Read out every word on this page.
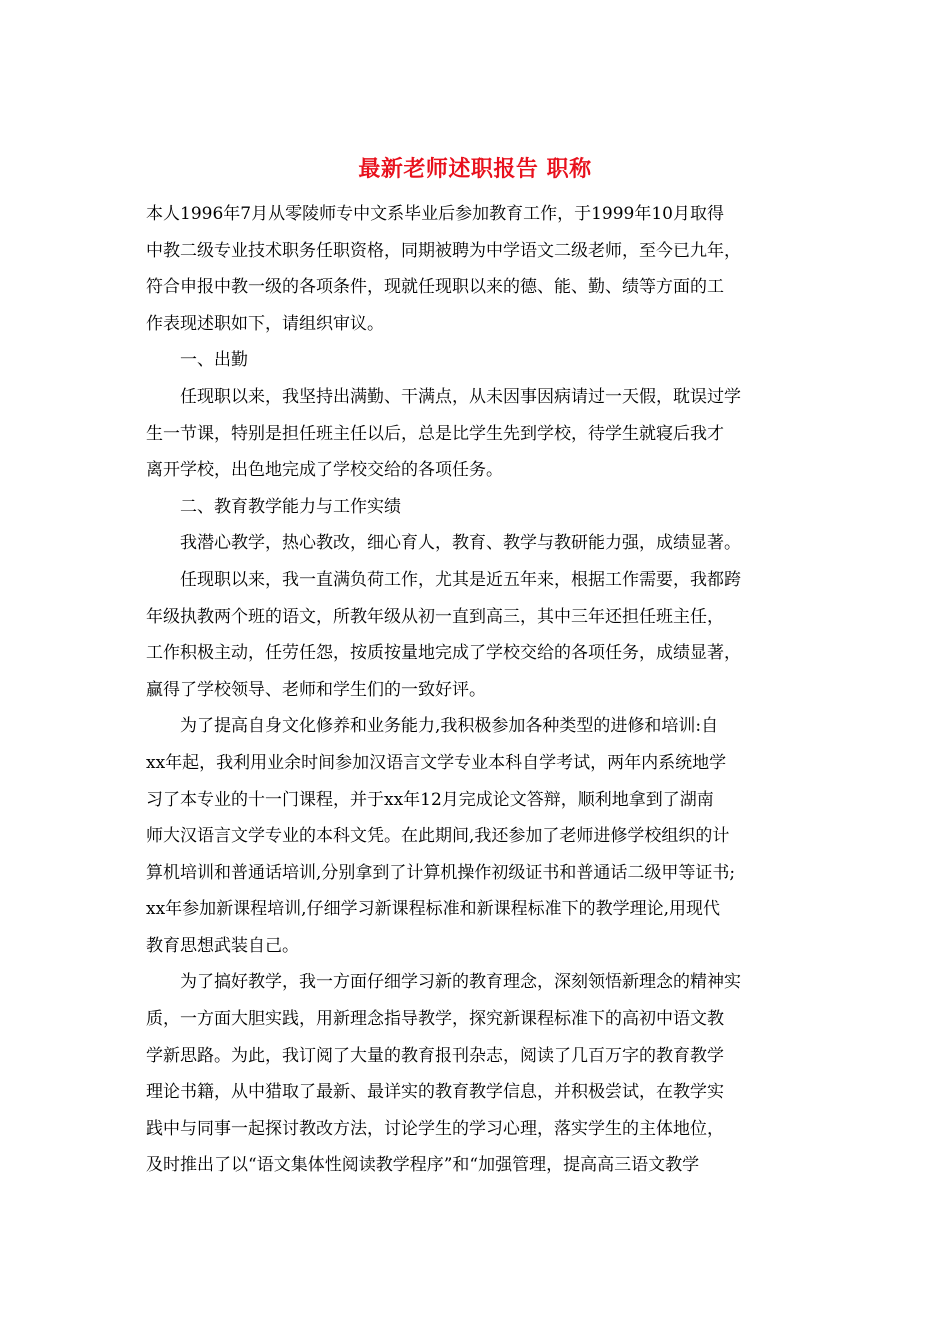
最新老师述职报告 职称
本人1996年7月从零陵师专中文系毕业后参加教育工作，于1999年10月取得
中教二级专业技术职务任职资格，同期被聘为中学语文二级老师，至今已九年，
符合申报中教一级的各项条件，现就任现职以来的德、能、勤、绩等方面的工
作表现述职如下，请组织审议。
一、出勤
任现职以来，我坚持出满勤、干满点，从未因事因病请过一天假，耽误过学
生一节课，特别是担任班主任以后，总是比学生先到学校，待学生就寝后我才
离开学校，出色地完成了学校交给的各项任务。
二、教育教学能力与工作实绩
我潜心教学，热心教改，细心育人，教育、教学与教研能力强，成绩显著。
任现职以来，我一直满负荷工作，尤其是近五年来，根据工作需要，我都跨
年级执教两个班的语文，所教年级从初一直到高三，其中三年还担任班主任，
工作积极主动，任劳任怨，按质按量地完成了学校交给的各项任务，成绩显著，
赢得了学校领导、老师和学生们的一致好评。
为了提高自身文化修养和业务能力,我积极参加各种类型的进修和培训:自
xx年起，我利用业余时间参加汉语言文学专业本科自学考试，两年内系统地学
习了本专业的十一门课程，并于xx年12月完成论文答辩，顺利地拿到了湖南
师大汉语言文学专业的本科文凭。在此期间,我还参加了老师进修学校组织的计
算机培训和普通话培训,分别拿到了计算机操作初级证书和普通话二级甲等证书;
xx年参加新课程培训,仔细学习新课程标准和新课程标准下的教学理论,用现代
教育思想武装自己。
为了搞好教学，我一方面仔细学习新的教育理念，深刻领悟新理念的精神实
质，一方面大胆实践，用新理念指导教学，探究新课程标准下的高初中语文教
学新思路。为此，我订阅了大量的教育报刊杂志，阅读了几百万字的教育教学
理论书籍，从中猎取了最新、最详实的教育教学信息，并积极尝试，在教学实
践中与同事一起探讨教改方法，讨论学生的学习心理，落实学生的主体地位，
及时推出了以“语文集体性阅读教学程序”和“加强管理，提高高三语文教学
